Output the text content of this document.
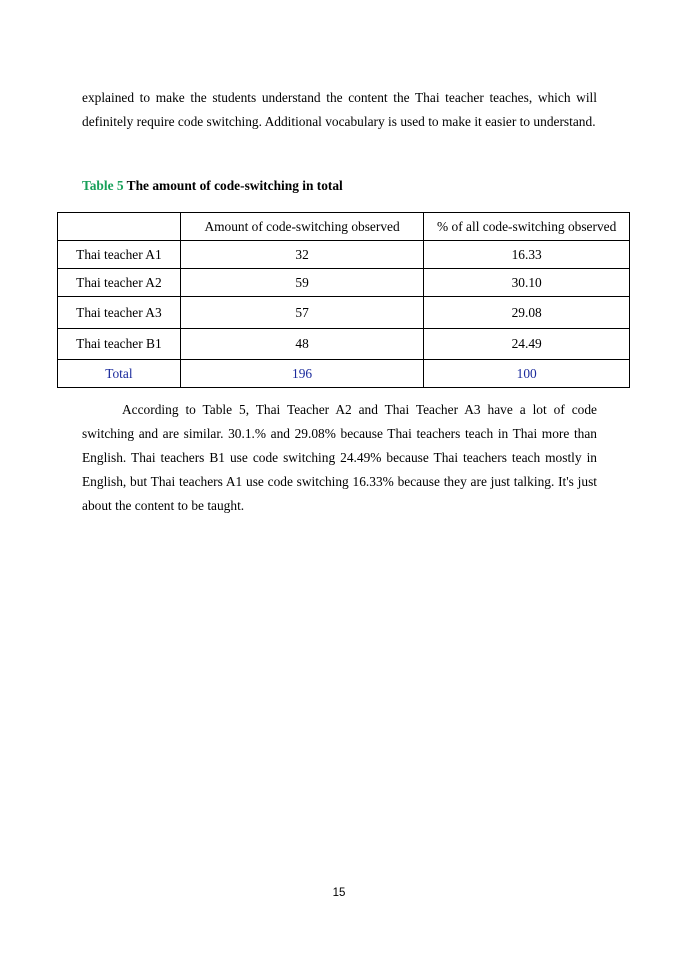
explained to make the students understand the content the Thai teacher teaches, which will definitely require code switching. Additional vocabulary is used to make it easier to understand.

Table 5 The amount of code-switching in total

	Amount of code-switching observed	% of all code-switching observed
Thai teacher A1	32	16.33
Thai teacher A2	59	30.10
Thai teacher A3	57	29.08
Thai teacher B1	48	24.49
Total	196	100

According to Table 5, Thai Teacher A2 and Thai Teacher A3 have a lot of code switching and are similar. 30.1.% and 29.08% because Thai teachers teach in Thai more than English. Thai teachers B1 use code switching 24.49% because Thai teachers teach mostly in English, but Thai teachers A1 use code switching 16.33% because they are just talking. It's just about the content to be taught.

15
